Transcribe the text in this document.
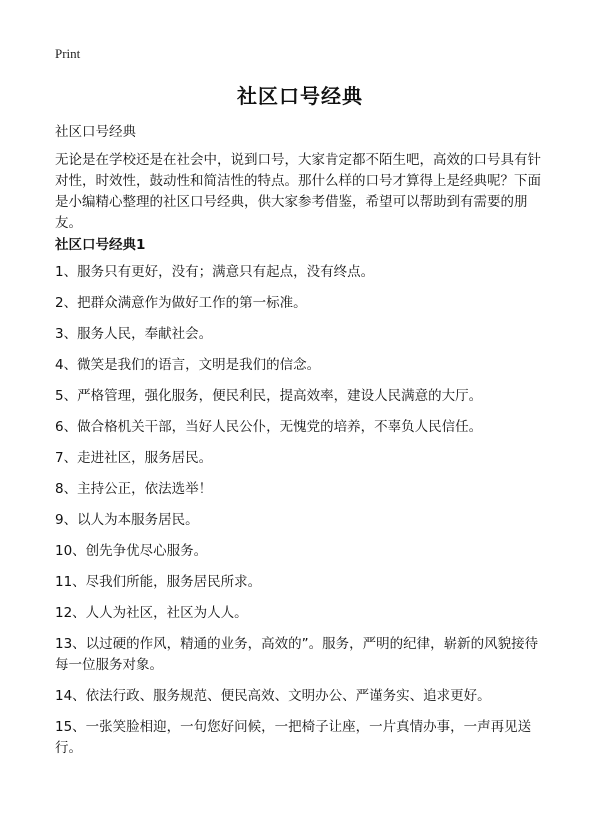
Print
社区口号经典
社区口号经典
无论是在学校还是在社会中，说到口号，大家肯定都不陌生吧，高效的口号具有针对性，时效性，鼓动性和简洁性的特点。那什么样的口号才算得上是经典呢？下面是小编精心整理的社区口号经典，供大家参考借鉴，希望可以帮助到有需要的朋友。
社区口号经典1
1、服务只有更好，没有；满意只有起点，没有终点。
2、把群众满意作为做好工作的第一标准。
3、服务人民，奉献社会。
4、微笑是我们的语言，文明是我们的信念。
5、严格管理，强化服务，便民利民，提高效率，建设人民满意的大厅。
6、做合格机关干部，当好人民公仆，无愧党的培养，不辜负人民信任。
7、走进社区，服务居民。
8、主持公正，依法选举！
9、以人为本服务居民。
10、创先争优尽心服务。
11、尽我们所能，服务居民所求。
12、人人为社区，社区为人人。
13、以过硬的作风，精通的业务，高效的”。服务，严明的纪律，崭新的风貌接待每一位服务对象。
14、依法行政、服务规范、便民高效、文明办公、严谨务实、追求更好。
15、一张笑脸相迎，一句您好问候，一把椅子让座，一片真情办事，一声再见送行。
